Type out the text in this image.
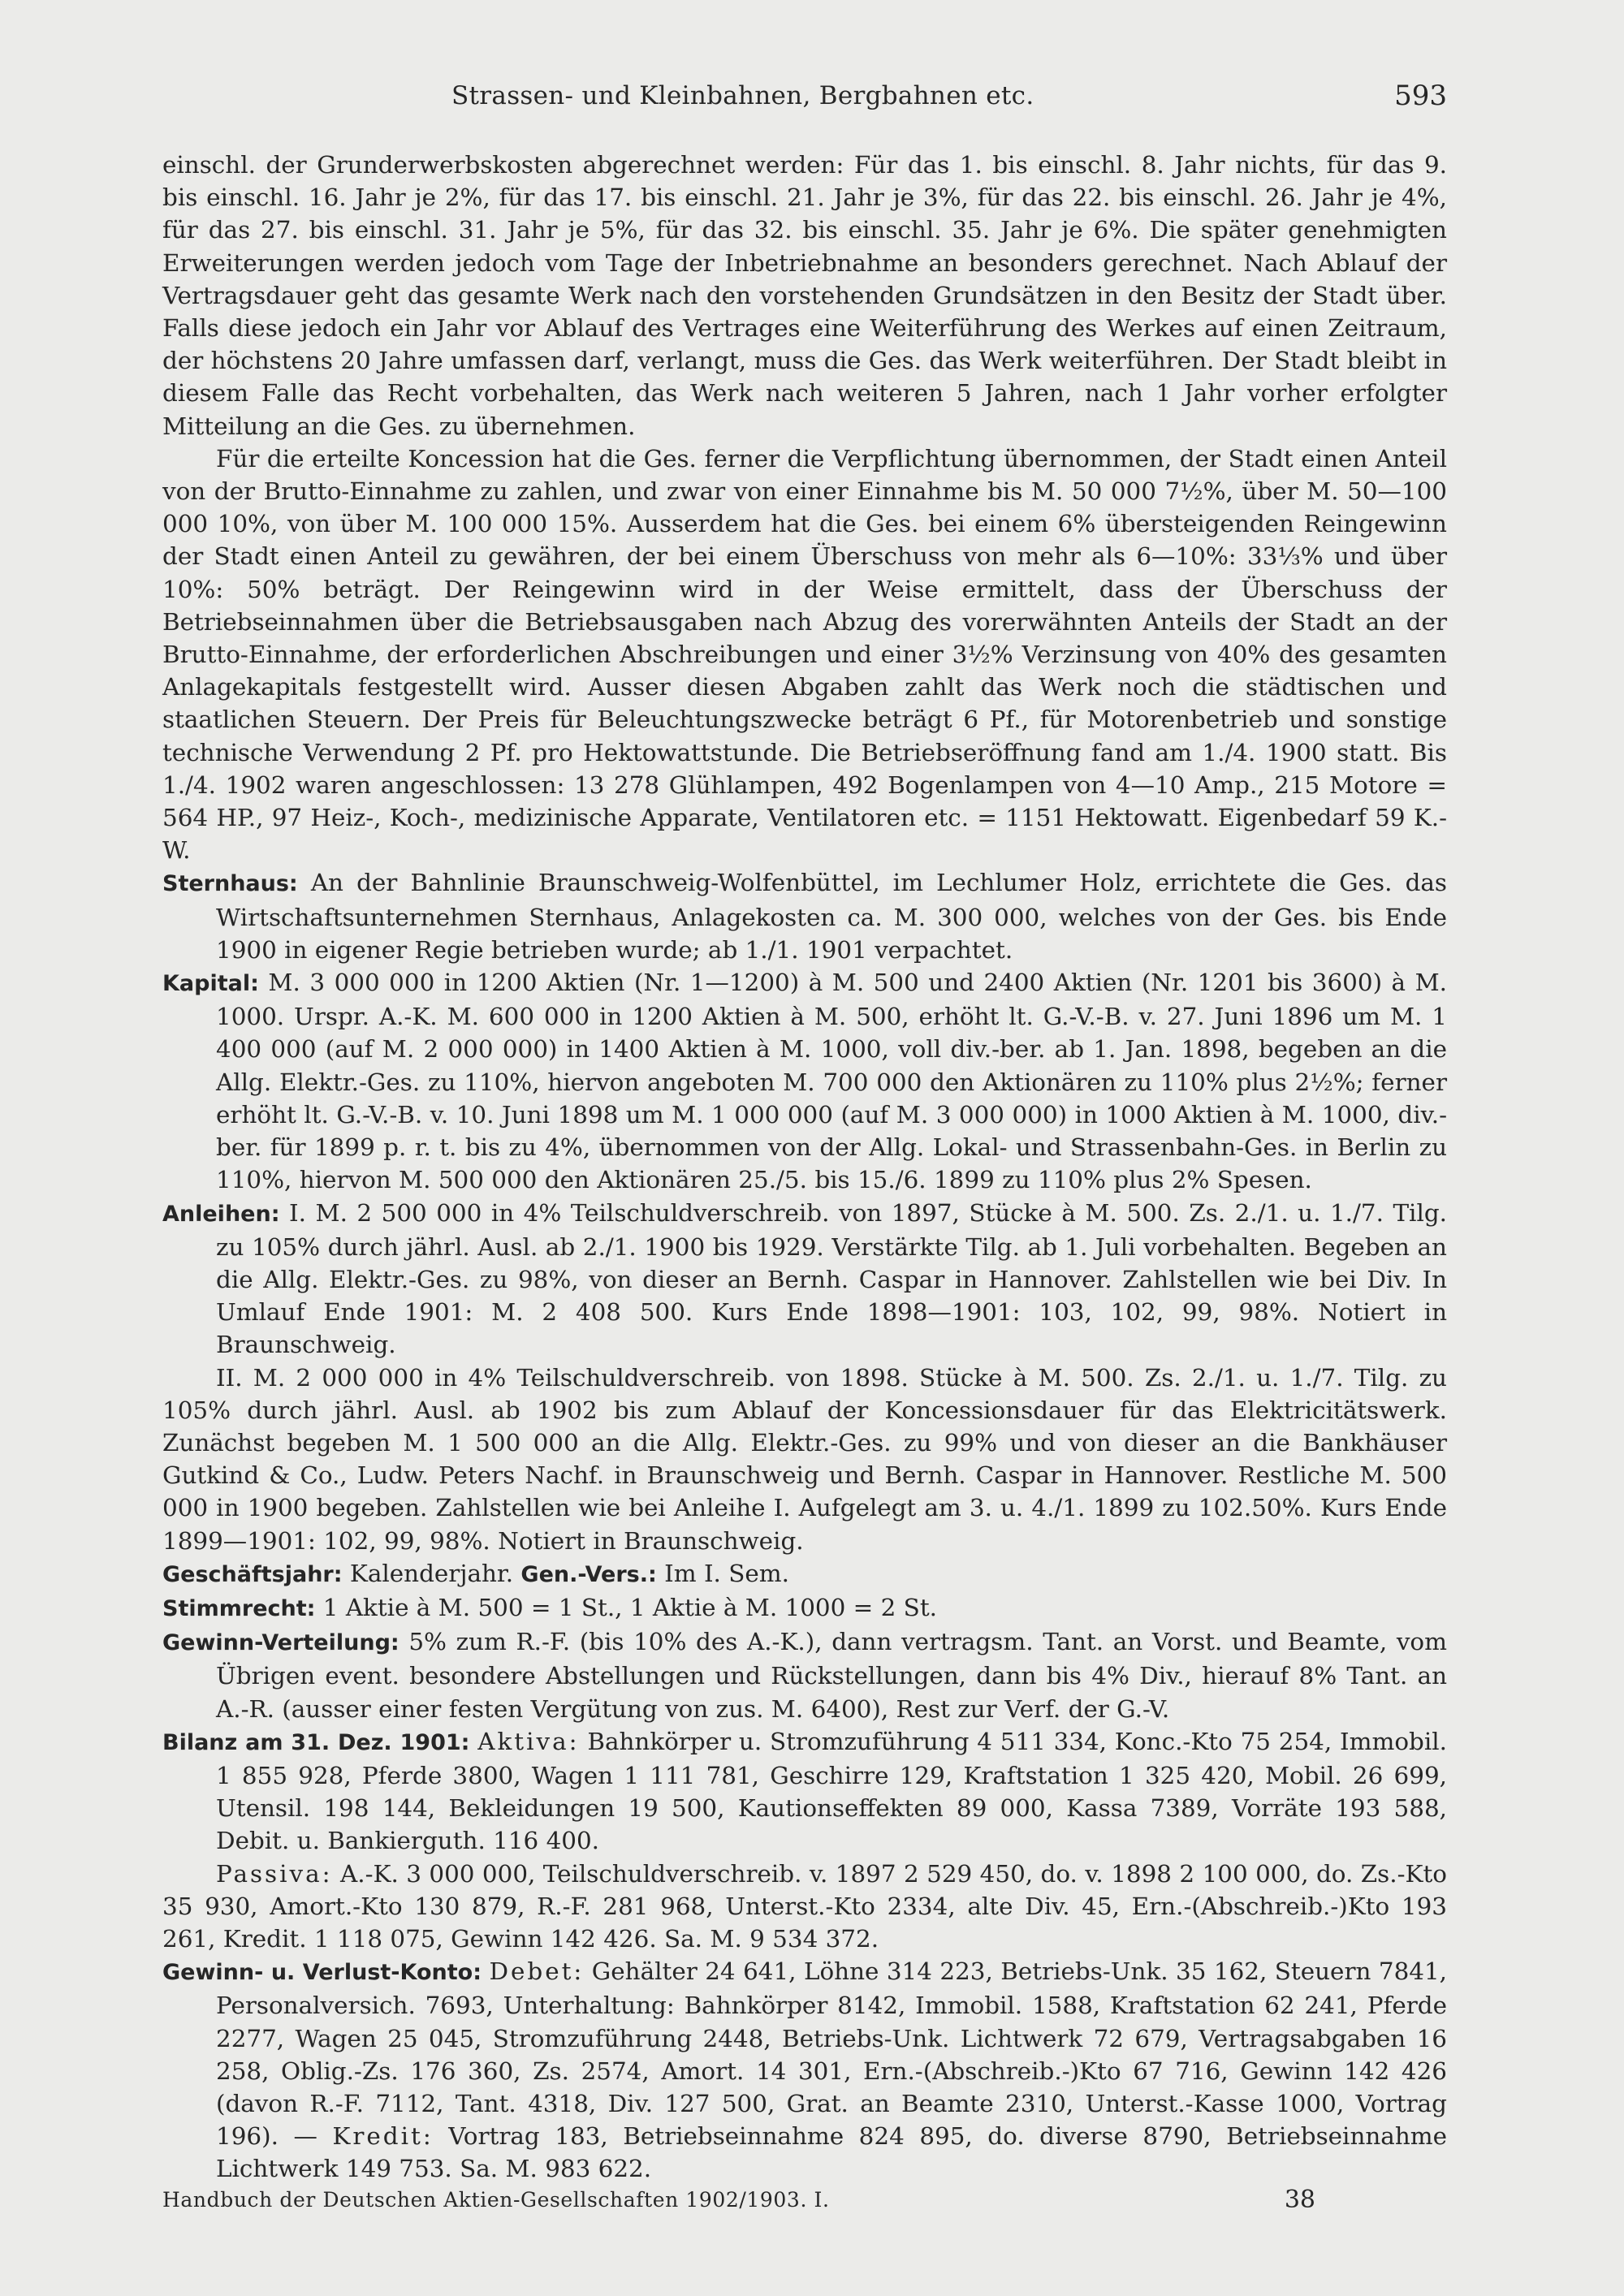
Strassen- und Kleinbahnen, Bergbahnen etc.	593

einschl. der Grunderwerbskosten abgerechnet werden: Für das 1. bis einschl. 8. Jahr nichts, für das 9. bis einschl. 16. Jahr je 2%, für das 17. bis einschl. 21. Jahr je 3%, für das 22. bis einschl. 26. Jahr je 4%, für das 27. bis einschl. 31. Jahr je 5%, für das 32. bis einschl. 35. Jahr je 6%. Die später genehmigten Erweiterungen werden jedoch vom Tage der Inbetriebnahme an besonders gerechnet. Nach Ablauf der Vertragsdauer geht das gesamte Werk nach den vorstehenden Grundsätzen in den Besitz der Stadt über. Falls diese jedoch ein Jahr vor Ablauf des Vertrages eine Weiterführung des Werkes auf einen Zeitraum, der höchstens 20 Jahre umfassen darf, verlangt, muss die Ges. das Werk weiterführen. Der Stadt bleibt in diesem Falle das Recht vorbehalten, das Werk nach weiteren 5 Jahren, nach 1 Jahr vorher erfolgter Mitteilung an die Ges. zu übernehmen.

Für die erteilte Koncession hat die Ges. ferner die Verpflichtung übernommen, der Stadt einen Anteil von der Brutto-Einnahme zu zahlen, und zwar von einer Einnahme bis M. 50 000 7½%, über M. 50—100 000 10%, von über M. 100 000 15%. Ausserdem hat die Ges. bei einem 6% übersteigenden Reingewinn der Stadt einen Anteil zu gewähren, der bei einem Überschuss von mehr als 6—10%: 33⅓% und über 10%: 50% beträgt. Der Reingewinn wird in der Weise ermittelt, dass der Überschuss der Betriebseinnahmen über die Betriebsausgaben nach Abzug des vorerwähnten Anteils der Stadt an der Brutto-Einnahme, der erforderlichen Abschreibungen und einer 3½% Verzinsung von 40% des gesamten Anlagekapitals festgestellt wird. Ausser diesen Abgaben zahlt das Werk noch die städtischen und staatlichen Steuern. Der Preis für Beleuchtungszwecke beträgt 6 Pf., für Motorenbetrieb und sonstige technische Verwendung 2 Pf. pro Hektowattstunde. Die Betriebseröffnung fand am 1./4. 1900 statt. Bis 1./4. 1902 waren angeschlossen: 13 278 Glühlampen, 492 Bogenlampen von 4—10 Amp., 215 Motore = 564 HP., 97 Heiz-, Koch-, medizinische Apparate, Ventilatoren etc. = 1151 Hektowatt. Eigenbedarf 59 K.-W.

Sternhaus: An der Bahnlinie Braunschweig-Wolfenbüttel, im Lechlumer Holz, errichtete die Ges. das Wirtschaftsunternehmen Sternhaus, Anlagekosten ca. M. 300 000, welches von der Ges. bis Ende 1900 in eigener Regie betrieben wurde; ab 1./1. 1901 verpachtet.

Kapital: M. 3 000 000 in 1200 Aktien (Nr. 1—1200) à M. 500 und 2400 Aktien (Nr. 1201 bis 3600) à M. 1000. Urspr. A.-K. M. 600 000 in 1200 Aktien à M. 500, erhöht lt. G.-V.-B. v. 27. Juni 1896 um M. 1 400 000 (auf M. 2 000 000) in 1400 Aktien à M. 1000, voll div.-ber. ab 1. Jan. 1898, begeben an die Allg. Elektr.-Ges. zu 110%, hiervon angeboten M. 700 000 den Aktionären zu 110% plus 2½%; ferner erhöht lt. G.-V.-B. v. 10. Juni 1898 um M. 1 000 000 (auf M. 3 000 000) in 1000 Aktien à M. 1000, div.-ber. für 1899 p. r. t. bis zu 4%, übernommen von der Allg. Lokal- und Strassenbahn-Ges. in Berlin zu 110%, hiervon M. 500 000 den Aktionären 25./5. bis 15./6. 1899 zu 110% plus 2% Spesen.

Anleihen: I. M. 2 500 000 in 4% Teilschuldverschreib. von 1897, Stücke à M. 500. Zs. 2./1. u. 1./7. Tilg. zu 105% durch jährl. Ausl. ab 2./1. 1900 bis 1929. Verstärkte Tilg. ab 1. Juli vorbehalten. Begeben an die Allg. Elektr.-Ges. zu 98%, von dieser an Bernh. Caspar in Hannover. Zahlstellen wie bei Div. In Umlauf Ende 1901: M. 2 408 500. Kurs Ende 1898—1901: 103, 102, 99, 98%. Notiert in Braunschweig.

II. M. 2 000 000 in 4% Teilschuldverschreib. von 1898. Stücke à M. 500. Zs. 2./1. u. 1./7. Tilg. zu 105% durch jährl. Ausl. ab 1902 bis zum Ablauf der Koncessionsdauer für das Elektricitätswerk. Zunächst begeben M. 1 500 000 an die Allg. Elektr.-Ges. zu 99% und von dieser an die Bankhäuser Gutkind & Co., Ludw. Peters Nachf. in Braunschweig und Bernh. Caspar in Hannover. Restliche M. 500 000 in 1900 begeben. Zahlstellen wie bei Anleihe I. Aufgelegt am 3. u. 4./1. 1899 zu 102.50%. Kurs Ende 1899—1901: 102, 99, 98%. Notiert in Braunschweig.

Geschäftsjahr: Kalenderjahr. Gen.-Vers.: Im I. Sem.

Stimmrecht: 1 Aktie à M. 500 = 1 St., 1 Aktie à M. 1000 = 2 St.

Gewinn-Verteilung: 5% zum R.-F. (bis 10% des A.-K.), dann vertragsm. Tant. an Vorst. und Beamte, vom Übrigen event. besondere Abstellungen und Rückstellungen, dann bis 4% Div., hierauf 8% Tant. an A.-R. (ausser einer festen Vergütung von zus. M. 6400), Rest zur Verf. der G.-V.

Bilanz am 31. Dez. 1901: Aktiva: Bahnkörper u. Stromzuführung 4 511 334, Konc.-Kto 75 254, Immobil. 1 855 928, Pferde 3800, Wagen 1 111 781, Geschirre 129, Kraftstation 1 325 420, Mobil. 26 699, Utensil. 198 144, Bekleidungen 19 500, Kautionseffekten 89 000, Kassa 7389, Vorräte 193 588, Debit. u. Bankierguth. 116 400.

Passiva: A.-K. 3 000 000, Teilschuldverschreib. v. 1897 2 529 450, do. v. 1898 2 100 000, do. Zs.-Kto 35 930, Amort.-Kto 130 879, R.-F. 281 968, Unterst.-Kto 2334, alte Div. 45, Ern.-(Abschreib.-)Kto 193 261, Kredit. 1 118 075, Gewinn 142 426. Sa. M. 9 534 372.

Gewinn- u. Verlust-Konto: Debet: Gehälter 24 641, Löhne 314 223, Betriebs-Unk. 35 162, Steuern 7841, Personalversich. 7693, Unterhaltung: Bahnkörper 8142, Immobil. 1588, Kraftstation 62 241, Pferde 2277, Wagen 25 045, Stromzuführung 2448, Betriebs-Unk. Lichtwerk 72 679, Vertragsabgaben 16 258, Oblig.-Zs. 176 360, Zs. 2574, Amort. 14 301, Ern.-(Abschreib.-)Kto 67 716, Gewinn 142 426 (davon R.-F. 7112, Tant. 4318, Div. 127 500, Grat. an Beamte 2310, Unterst.-Kasse 1000, Vortrag 196). — Kredit: Vortrag 183, Betriebseinnahme 824 895, do. diverse 8790, Betriebseinnahme Lichtwerk 149 753. Sa. M. 983 622.

Handbuch der Deutschen Aktien-Gesellschaften 1902/1903. I.	38
